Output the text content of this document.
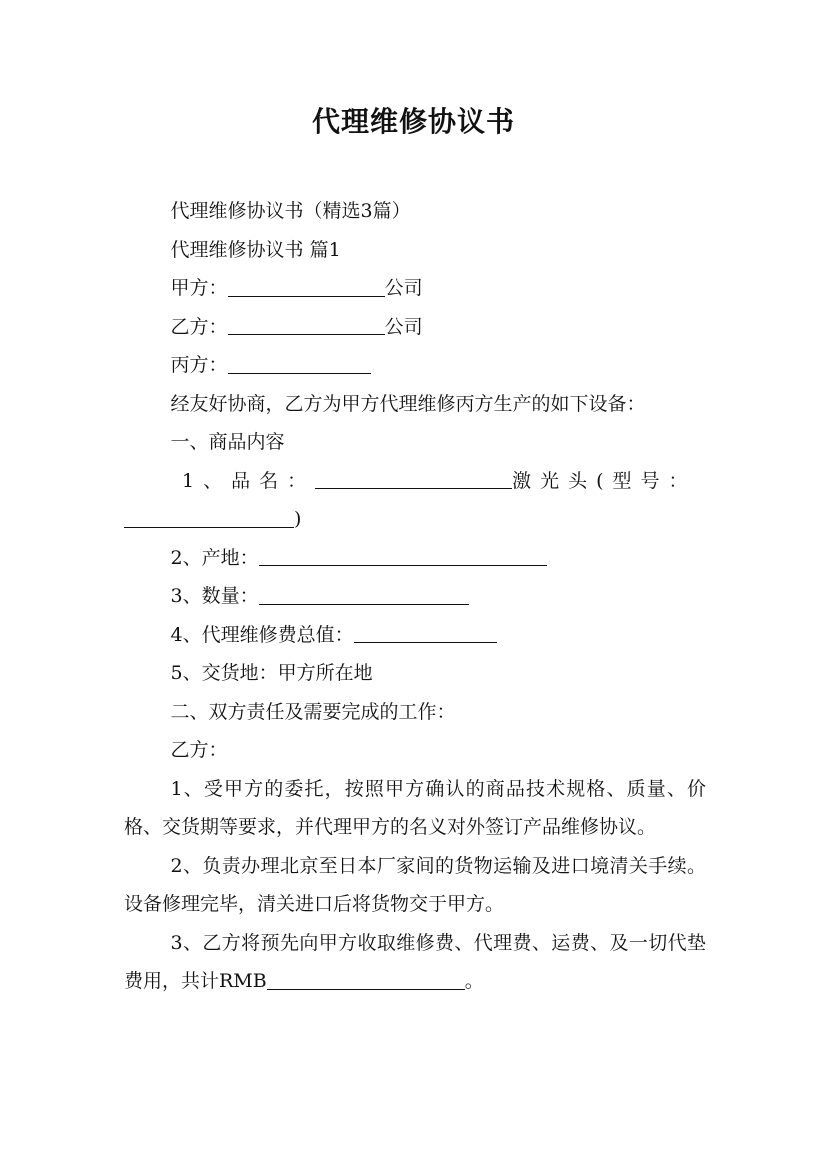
代理维修协议书

代理维修协议书（精选3篇）

代理维修协议书 篇1

甲方：	公司

乙方：	公司

丙方：

经友好协商，乙方为甲方代理维修丙方生产的如下设备：

一、商品内容

1、品名：	激光头(型号：

)

2、产地：

3、数量：

4、代理维修费总值：

5、交货地：甲方所在地

二、双方责任及需要完成的工作：

乙方：

1、受甲方的委托，按照甲方确认的商品技术规格、质量、价格、交货期等要求，并代理甲方的名义对外签订产品维修协议。

2、负责办理北京至日本厂家间的货物运输及进口境清关手续。设备修理完毕，清关进口后将货物交于甲方。

3、乙方将预先向甲方收取维修费、代理费、运费、及一切代垫费用，共计RMB	。
